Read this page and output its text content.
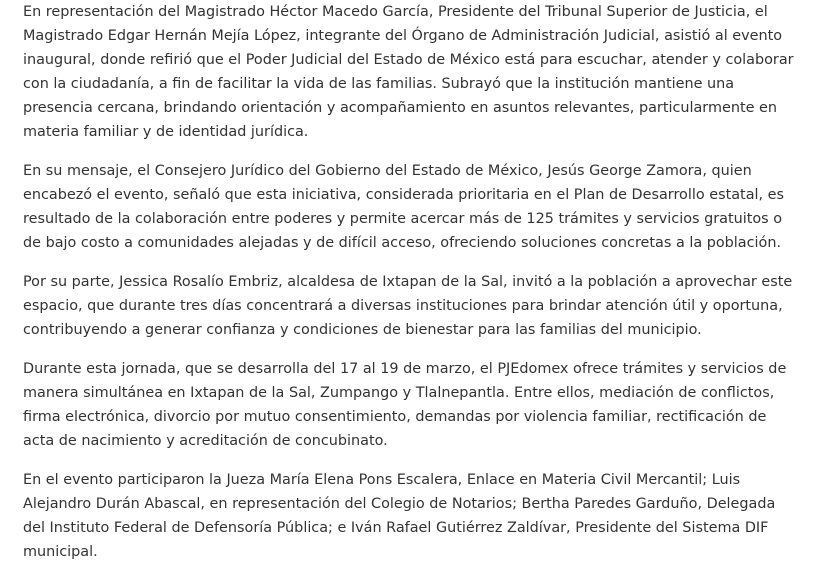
En representación del Magistrado Héctor Macedo García, Presidente del Tribunal Superior de Justicia, el Magistrado Edgar Hernán Mejía López, integrante del Órgano de Administración Judicial, asistió al evento inaugural, donde refirió que el Poder Judicial del Estado de México está para escuchar, atender y colaborar con la ciudadanía, a fin de facilitar la vida de las familias. Subrayó que la institución mantiene una presencia cercana, brindando orientación y acompañamiento en asuntos relevantes, particularmente en materia familiar y de identidad jurídica.

En su mensaje, el Consejero Jurídico del Gobierno del Estado de México, Jesús George Zamora, quien encabezó el evento, señaló que esta iniciativa, considerada prioritaria en el Plan de Desarrollo estatal, es resultado de la colaboración entre poderes y permite acercar más de 125 trámites y servicios gratuitos o de bajo costo a comunidades alejadas y de difícil acceso, ofreciendo soluciones concretas a la población.

Por su parte, Jessica Rosalío Embriz, alcaldesa de Ixtapan de la Sal, invitó a la población a aprovechar este espacio, que durante tres días concentrará a diversas instituciones para brindar atención útil y oportuna, contribuyendo a generar confianza y condiciones de bienestar para las familias del municipio.

Durante esta jornada, que se desarrolla del 17 al 19 de marzo, el PJEdomex ofrece trámites y servicios de manera simultánea en Ixtapan de la Sal, Zumpango y Tlalnepantla. Entre ellos, mediación de conflictos, firma electrónica, divorcio por mutuo consentimiento, demandas por violencia familiar, rectificación de acta de nacimiento y acreditación de concubinato.

En el evento participaron la Jueza María Elena Pons Escalera, Enlace en Materia Civil Mercantil; Luis Alejandro Durán Abascal, en representación del Colegio de Notarios; Bertha Paredes Garduño, Delegada del Instituto Federal de Defensoría Pública; e Iván Rafael Gutiérrez Zaldívar, Presidente del Sistema DIF municipal.
